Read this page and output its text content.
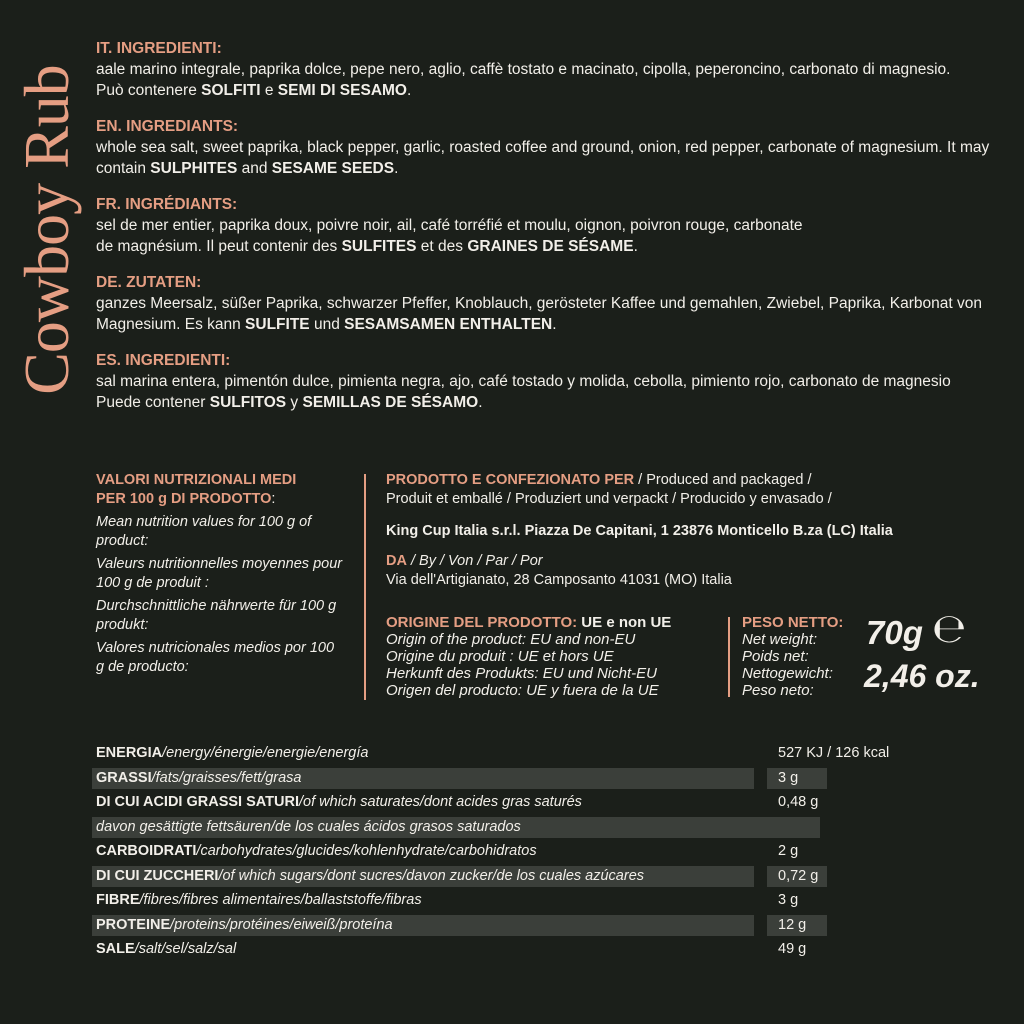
Cowboy Rub
IT. INGREDIENTI:
aale marino integrale, paprika dolce, pepe nero, aglio, caffè tostato e macinato, cipolla, peperoncino, carbonato di magnesio.
Può contenere SOLFITI e SEMI DI SESAMO.
EN. INGREDIANTS:
whole sea salt, sweet paprika, black pepper, garlic, roasted coffee and ground, onion, red pepper, carbonate of magnesium. It may
contain SULPHITES and SESAME SEEDS.
FR. INGRÉDIANTS:
sel de mer entier, paprika doux, poivre noir, ail, café torréfié et moulu, oignon, poivron rouge, carbonate
de magnésium. Il peut contenir des SULFITES et des GRAINES DE SÉSAME.
DE. ZUTATEN:
ganzes Meersalz, süßer Paprika, schwarzer Pfeffer, Knoblauch, gerösteter Kaffee und gemahlen, Zwiebel, Paprika, Karbonat von
Magnesium. Es kann SULFITE und SESAMSAMEN ENTHALTEN.
ES. INGREDIENTI:
sal marina entera, pimentón dulce, pimienta negra, ajo, café tostado y molida, cebolla, pimiento rojo, carbonato de magnesio
Puede contener SULFITOS y SEMILLAS DE SÉSAMO.
VALORI NUTRIZIONALI MEDI
PER 100 g DI PRODOTTO:
Mean nutrition values for 100 g of product:
Valeurs nutritionnelles moyennes pour 100 g de produit :
Durchschnittliche nährwerte für 100 g produkt:
Valores nutricionales medios por 100 g de producto:
PRODOTTO E CONFEZIONATO PER / Produced and packaged /
Produit et emballé / Produziert und verpackt / Producido y envasado /
King Cup Italia s.r.l. Piazza De Capitani, 1 23876 Monticello B.za (LC) Italia
DA / By / Von / Par / Por
Via dell'Artigianato, 28 Camposanto 41031 (MO) Italia
ORIGINE DEL PRODOTTO: UE e non UE
Origin of the product: EU and non-EU
Origine du produit : UE et hors UE
Herkunft des Produkts: EU und Nicht-EU
Origen del producto: UE y fuera de la UE
PESO NETTO:
Net weight:
Poids net:
Nettogewicht:
Peso neto:
70g ℮
2,46 oz.
ENERGIA/energy/énergie/energie/energía	527 KJ / 126 kcal
GRASSI/fats/graisses/fett/grasa	3 g
DI CUI ACIDI GRASSI SATURI/of which saturates/dont acides gras saturés	0,48 g
davon gesättigte fettsäuren/de los cuales ácidos grasos saturados
CARBOIDRATI/carbohydrates/glucides/kohlenhydrate/carbohidratos	2 g
DI CUI ZUCCHERI/of which sugars/dont sucres/davon zucker/de los cuales azúcares	0,72 g
FIBRE/fibres/fibres alimentaires/ballaststoffe/fibras	3 g
PROTEINE/proteins/protéines/eiweiß/proteína	12 g
SALE/salt/sel/salz/sal	49 g
